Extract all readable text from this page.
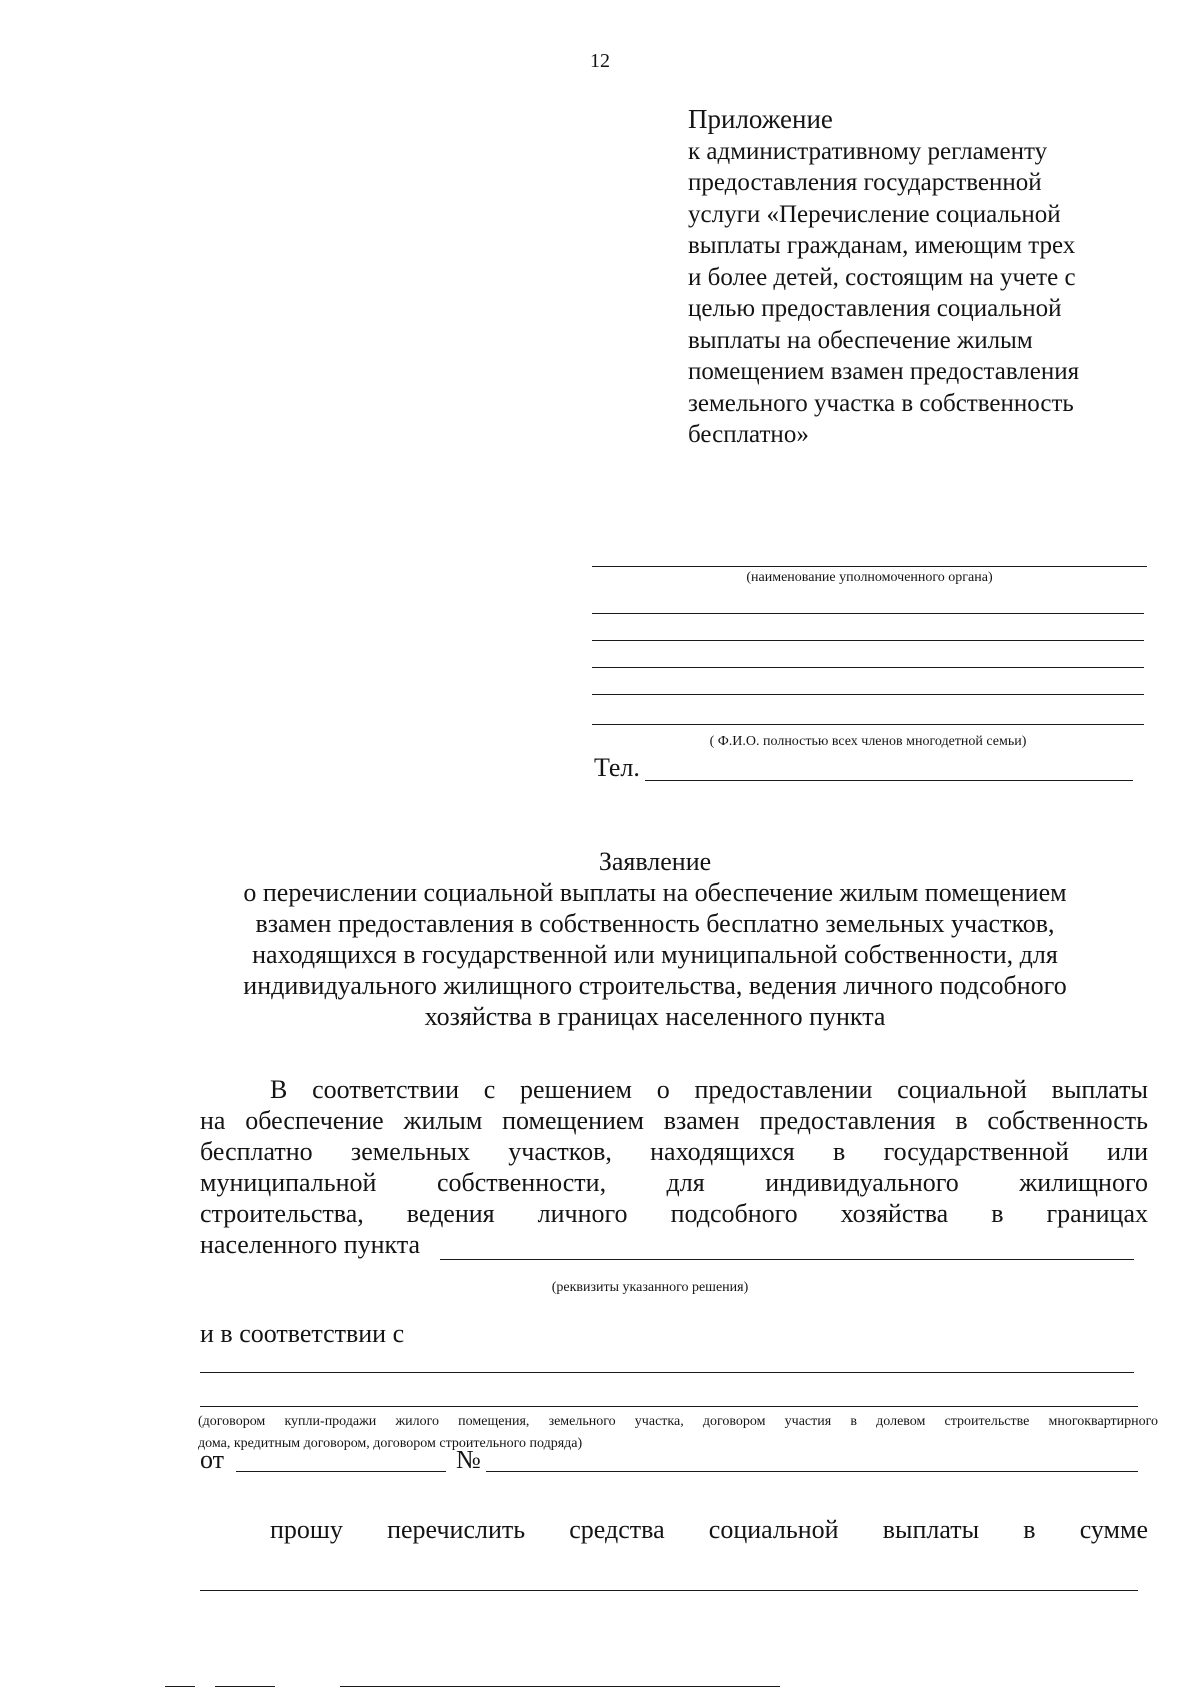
12
Приложение
к административному регламенту
предоставления государственной
услуги «Перечисление социальной
выплаты гражданам, имеющим трех
и более детей, состоящим на учете с
целью предоставления социальной
выплаты на обеспечение жилым
помещением взамен предоставления
земельного участка в собственность
бесплатно»
(наименование уполномоченного органа)
( Ф.И.О. полностью всех членов многодетной семьи)
Тел.
Заявление
о перечислении социальной выплаты на обеспечение жилым помещением
взамен предоставления в собственность бесплатно земельных участков,
находящихся в государственной или муниципальной собственности, для
индивидуального жилищного строительства, ведения личного подсобного
хозяйства в границах населенного пункта
В соответствии с решением о предоставлении социальной выплаты
на обеспечение жилым помещением взамен предоставления в собственность
бесплатно земельных участков, находящихся в государственной или
муниципальной собственности, для индивидуального жилищного
строительства, ведения личного подсобного хозяйства в границах
населенного пункта
(реквизиты указанного решения)
и в соответствии с
(договором купли-продажи жилого помещения, земельного участка, договором участия в долевом строительстве многоквартирного
дома, кредитным договором, договором строительного подряда)
от	№
прошу перечислить средства социальной выплаты в сумме
